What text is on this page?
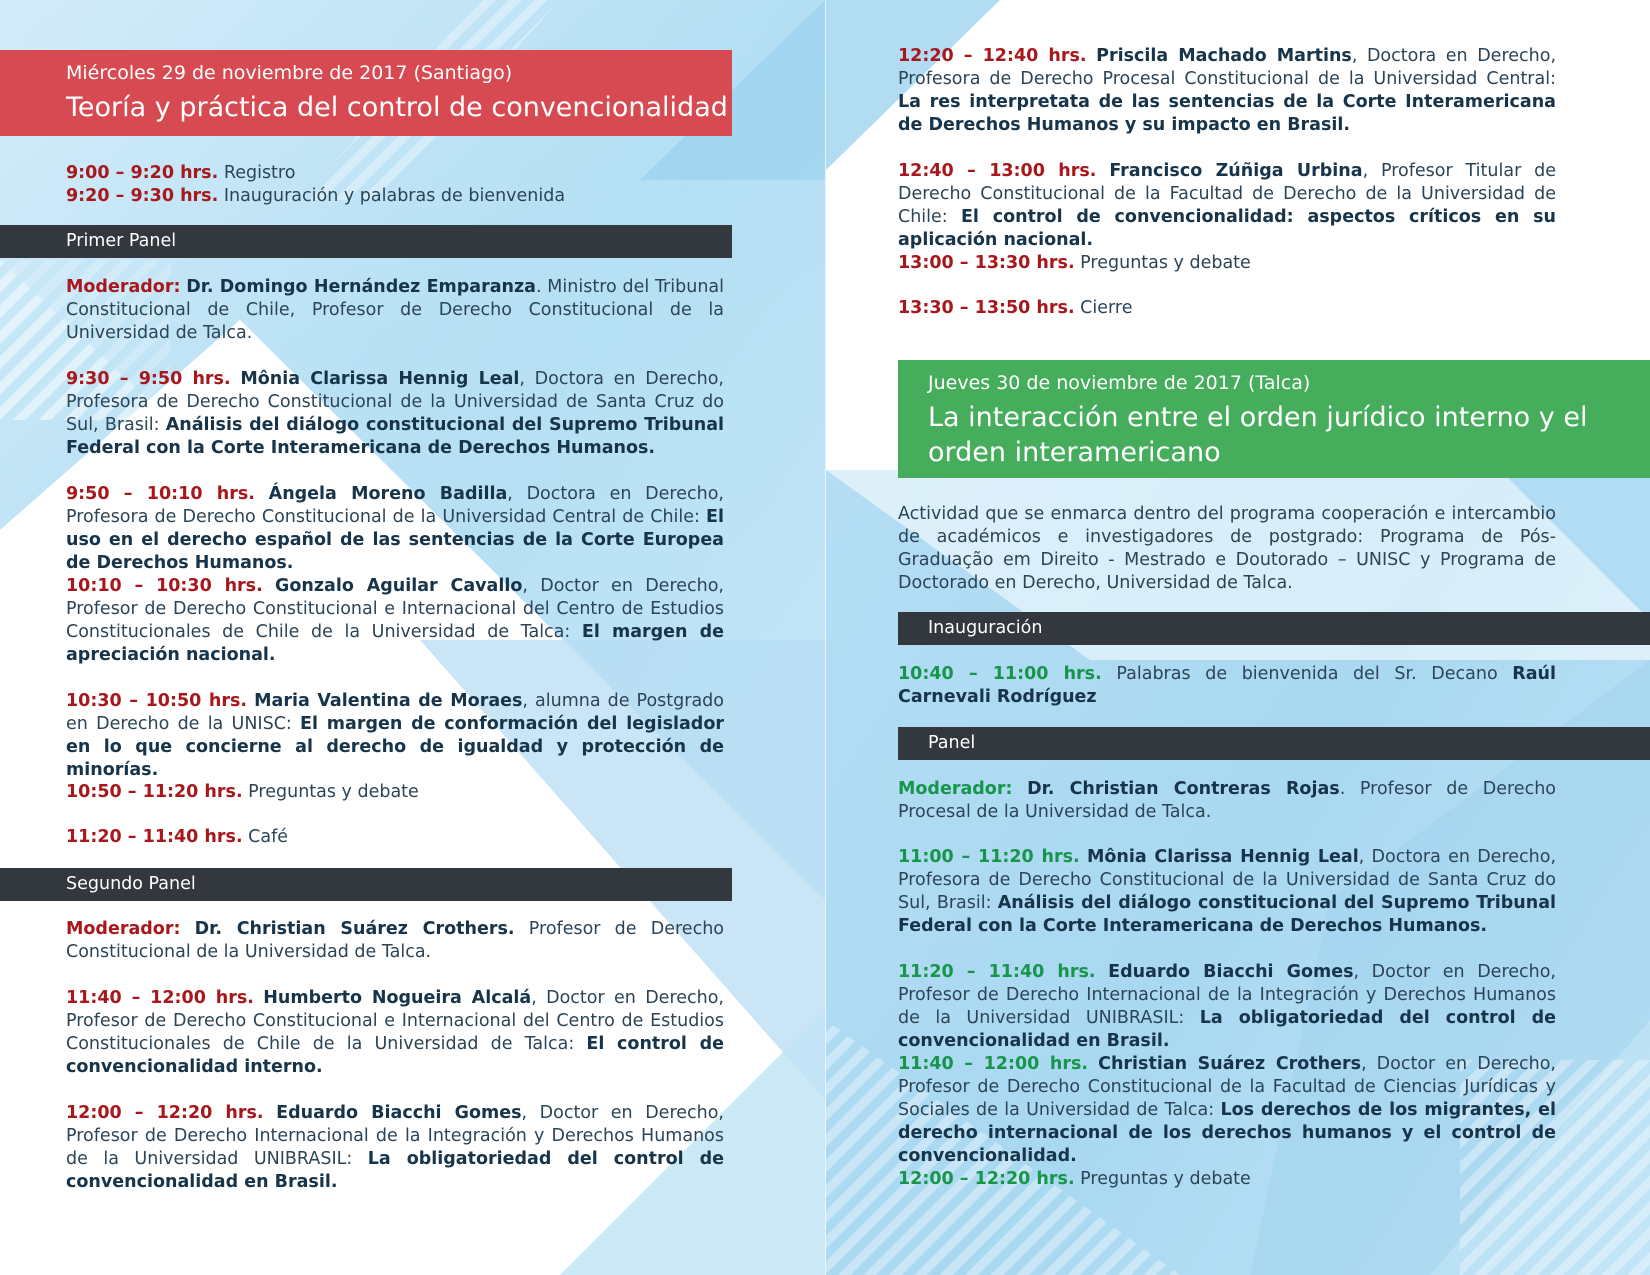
Miércoles 29 de noviembre de 2017 (Santiago)
Teoría y práctica del control de convencionalidad
9:00 – 9:20 hrs. Registro
9:20 – 9:30 hrs. Inauguración y palabras de bienvenida
Primer Panel
Moderador: Dr. Domingo Hernández Emparanza. Ministro del Tribunal Constitucional de Chile, Profesor de Derecho Constitucional de la Universidad de Talca.
9:30 – 9:50 hrs. Mônia Clarissa Hennig Leal, Doctora en Derecho, Profesora de Derecho Constitucional de la Universidad de Santa Cruz do Sul, Brasil: Análisis del diálogo constitucional del Supremo Tribunal Federal con la Corte Interamericana de Derechos Humanos.
9:50 – 10:10 hrs. Ángela Moreno Badilla, Doctora en Derecho, Profesora de Derecho Constitucional de la Universidad Central de Chile: El uso en el derecho español de las sentencias de la Corte Europea de Derechos Humanos.
10:10 – 10:30 hrs. Gonzalo Aguilar Cavallo, Doctor en Derecho, Profesor de Derecho Constitucional e Internacional del Centro de Estudios Constitucionales de Chile de la Universidad de Talca: El margen de apreciación nacional.
10:30 – 10:50 hrs. Maria Valentina de Moraes, alumna de Postgrado en Derecho de la UNISC: El margen de conformación del legislador en lo que concierne al derecho de igualdad y protección de minorías.
10:50 – 11:20 hrs. Preguntas y debate
11:20 – 11:40 hrs. Café
Segundo Panel
Moderador: Dr. Christian Suárez Crothers. Profesor de Derecho Constitucional de la Universidad de Talca.
11:40 – 12:00 hrs. Humberto Nogueira Alcalá, Doctor en Derecho, Profesor de Derecho Constitucional e Internacional del Centro de Estudios Constitucionales de Chile de la Universidad de Talca: El control de convencionalidad interno.
12:00 – 12:20 hrs. Eduardo Biacchi Gomes, Doctor en Derecho, Profesor de Derecho Internacional de la Integración y Derechos Humanos de la Universidad UNIBRASIL: La obligatoriedad del control de convencionalidad en Brasil.
12:20 – 12:40 hrs. Priscila Machado Martins, Doctora en Derecho, Profesora de Derecho Procesal Constitucional de la Universidad Central: La res interpretata de las sentencias de la Corte Interamericana de Derechos Humanos y su impacto en Brasil.
12:40 – 13:00 hrs. Francisco Zúñiga Urbina, Profesor Titular de Derecho Constitucional de la Facultad de Derecho de la Universidad de Chile: El control de convencionalidad: aspectos críticos en su aplicación nacional.
13:00 – 13:30 hrs. Preguntas y debate
13:30 – 13:50 hrs. Cierre
Jueves 30 de noviembre de 2017 (Talca)
La interacción entre el orden jurídico interno y el
orden interamericano
Actividad que se enmarca dentro del programa cooperación e intercambio de académicos e investigadores de postgrado: Programa de Pós-Graduação em Direito - Mestrado e Doutorado – UNISC y Programa de Doctorado en Derecho, Universidad de Talca.
Inauguración
10:40 – 11:00 hrs. Palabras de bienvenida del Sr. Decano Raúl Carnevali Rodríguez
Panel
Moderador: Dr. Christian Contreras Rojas. Profesor de Derecho Procesal de la Universidad de Talca.
11:00 – 11:20 hrs. Mônia Clarissa Hennig Leal, Doctora en Derecho, Profesora de Derecho Constitucional de la Universidad de Santa Cruz do Sul, Brasil: Análisis del diálogo constitucional del Supremo Tribunal Federal con la Corte Interamericana de Derechos Humanos.
11:20 – 11:40 hrs. Eduardo Biacchi Gomes, Doctor en Derecho, Profesor de Derecho Internacional de la Integración y Derechos Humanos de la Universidad UNIBRASIL: La obligatoriedad del control de convencionalidad en Brasil.
11:40 – 12:00 hrs. Christian Suárez Crothers, Doctor en Derecho, Profesor de Derecho Constitucional de la Facultad de Ciencias Jurídicas y Sociales de la Universidad de Talca: Los derechos de los migrantes, el derecho internacional de los derechos humanos y el control de convencionalidad.
12:00 – 12:20 hrs. Preguntas y debate
